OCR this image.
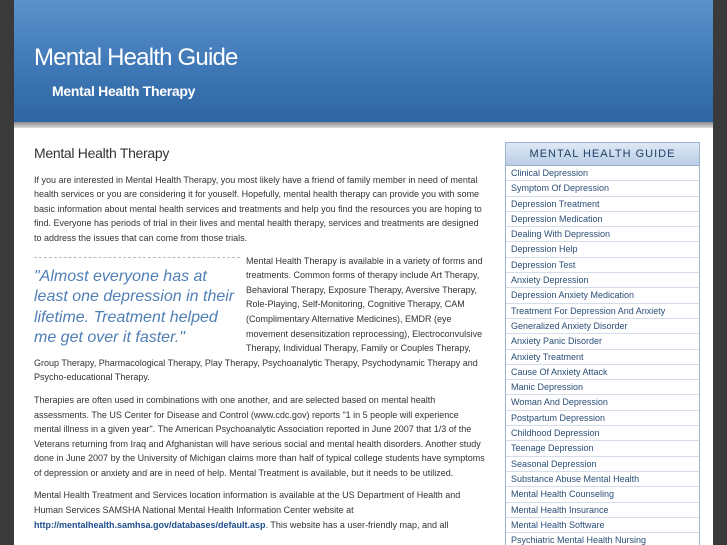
Mental Health Guide
Mental Health Therapy
Mental Health Therapy

If you are interested in Mental Health Therapy, you most likely have a friend of family member in need of mental health services or you are considering it for youself. Hopefully, mental health therapy can provide you with some basic information about mental health services and treatments and help you find the resources you are hoping to find. Everyone has periods of trial in their lives and mental health therapy, services and treatments are designed to address the issues that can come from those trials.

"Almost everyone has at least one depression in their lifetime. Treatment helped me get over it faster."
Mental Health Therapy is available in a variety of forms and treatments. Common forms of therapy include Art Therapy, Behavioral Therapy, Exposure Therapy, Aversive Therapy, Role-Playing, Self-Monitoring, Cognitive Therapy, CAM (Complimentary Alternative Medicines), EMDR (eye movement desensitization reprocessing), Electroconvulsive Therapy, Individual Therapy, Family or Couples Therapy, Group Therapy, Pharmacological Therapy, Play Therapy, Psychoanalytic Therapy, Psychodynamic Therapy and Psycho-educational Therapy.

Therapies are often used in combinations with one another, and are selected based on mental health assessments. The US Center for Disease and Control (www.cdc.gov) reports "1 in 5 people will experience mental illness in a given year". The American Psychoanalytic Association reported in June 2007 that 1/3 of the Veterans returning from Iraq and Afghanistan will have serious social and mental health disorders. Another study done in June 2007 by the University of Michigan claims more than half of typical college students have symptoms of depression or anxiety and are in need of help. Mental Treatment is available, but it needs to be utilized.

Mental Health Treatment and Services location information is available at the US Department of Health and Human Services SAMSHA National Mental Health Information Center website at http://mentalhealth.samhsa.gov/databases/default.asp. This website has a user-friendly map, and all

MENTAL HEALTH GUIDE
Clinical Depression
Symptom Of Depression
Depression Treatment
Depression Medication
Dealing With Depression
Depression Help
Depression Test
Anxiety Depression
Depression Anxiety Medication
Treatment For Depression And Anxiety
Generalized Anxiety Disorder
Anxiety Panic Disorder
Anxiety Treatment
Cause Of Anxiety Attack
Manic Depression
Woman And Depression
Postpartum Depression
Childhood Depression
Teenage Depression
Seasonal Depression
Substance Abuse Mental Health
Mental Health Counseling
Mental Health Insurance
Mental Health Software
Psychiatric Mental Health Nursing
